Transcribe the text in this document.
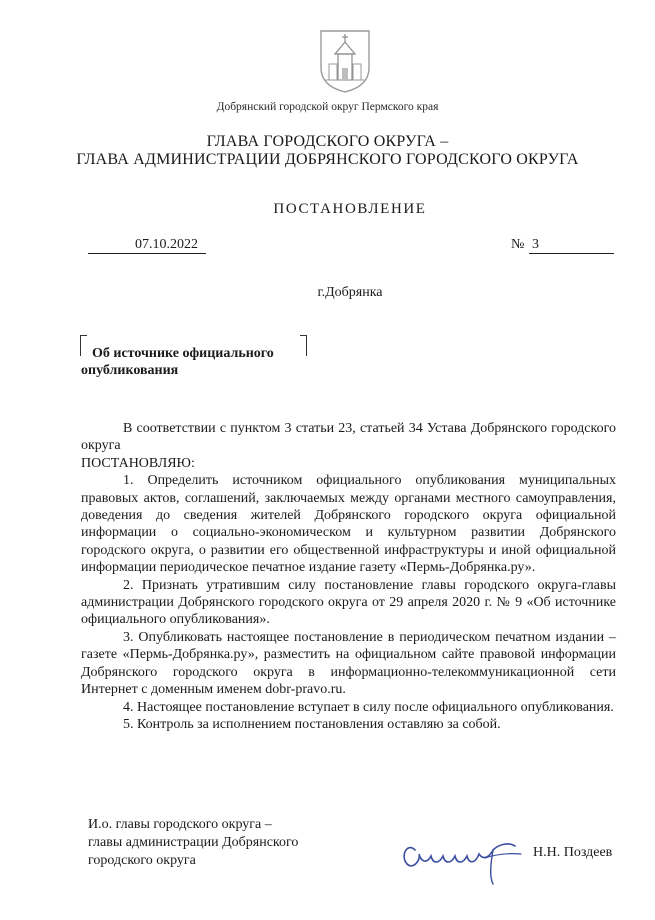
Добрянский городской округ Пермского края
ГЛАВА ГОРОДСКОГО ОКРУГА –
ГЛАВА АДМИНИСТРАЦИИ ДОБРЯНСКОГО ГОРОДСКОГО ОКРУГА
ПОСТАНОВЛЕНИЕ
07.10.2022	№ 3
г.Добрянка
Об источнике официального
опубликования

В соответствии с пунктом 3 статьи 23, статьей 34 Устава Добрянского городского округа

ПОСТАНОВЛЯЮ:

1. Определить источником официального опубликования муниципальных правовых актов, соглашений, заключаемых между органами местного самоуправления, доведения до сведения жителей Добрянского городского округа официальной информации о социально-экономическом и культурном развитии Добрянского городского округа, о развитии его общественной инфраструктуры и иной официальной информации периодическое печатное издание газету «Пермь-Добрянка.ру».

2. Признать утратившим силу постановление главы городского округа-главы администрации Добрянского городского округа от 29 апреля 2020 г. № 9 «Об источнике официального опубликования».

3. Опубликовать настоящее постановление в периодическом печатном издании – газете «Пермь-Добрянка.ру», разместить на официальном сайте правовой информации Добрянского городского округа в информационно-телекоммуникационной сети Интернет с доменным именем dobr-pravo.ru.

4. Настоящее постановление вступает в силу после официального опубликования.

5. Контроль за исполнением постановления оставляю за собой.

И.о. главы городского округа –
главы администрации Добрянского
городского округа
Н.Н. Поздеев
